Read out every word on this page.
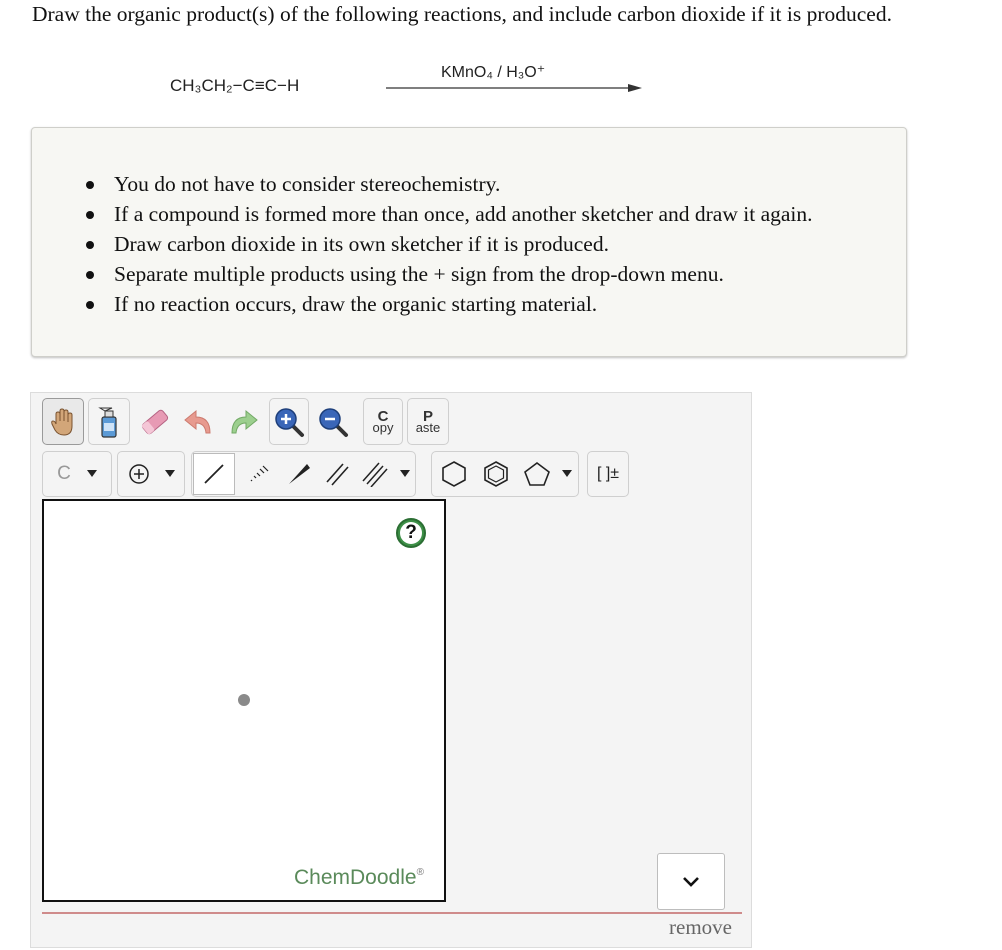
Draw the organic product(s) of the following reactions, and include carbon dioxide if it is produced.
CH₃CH₂−C≡C−H
KMnO₄ / H₃O⁺
You do not have to consider stereochemistry.
If a compound is formed more than once, add another sketcher and draw it again.
Draw carbon dioxide in its own sketcher if it is produced.
Separate multiple products using the + sign from the drop-down menu.
If no reaction occurs, draw the organic starting material.
C
opy
P
aste
C	[ ]±
?
ChemDoodle®
remove
